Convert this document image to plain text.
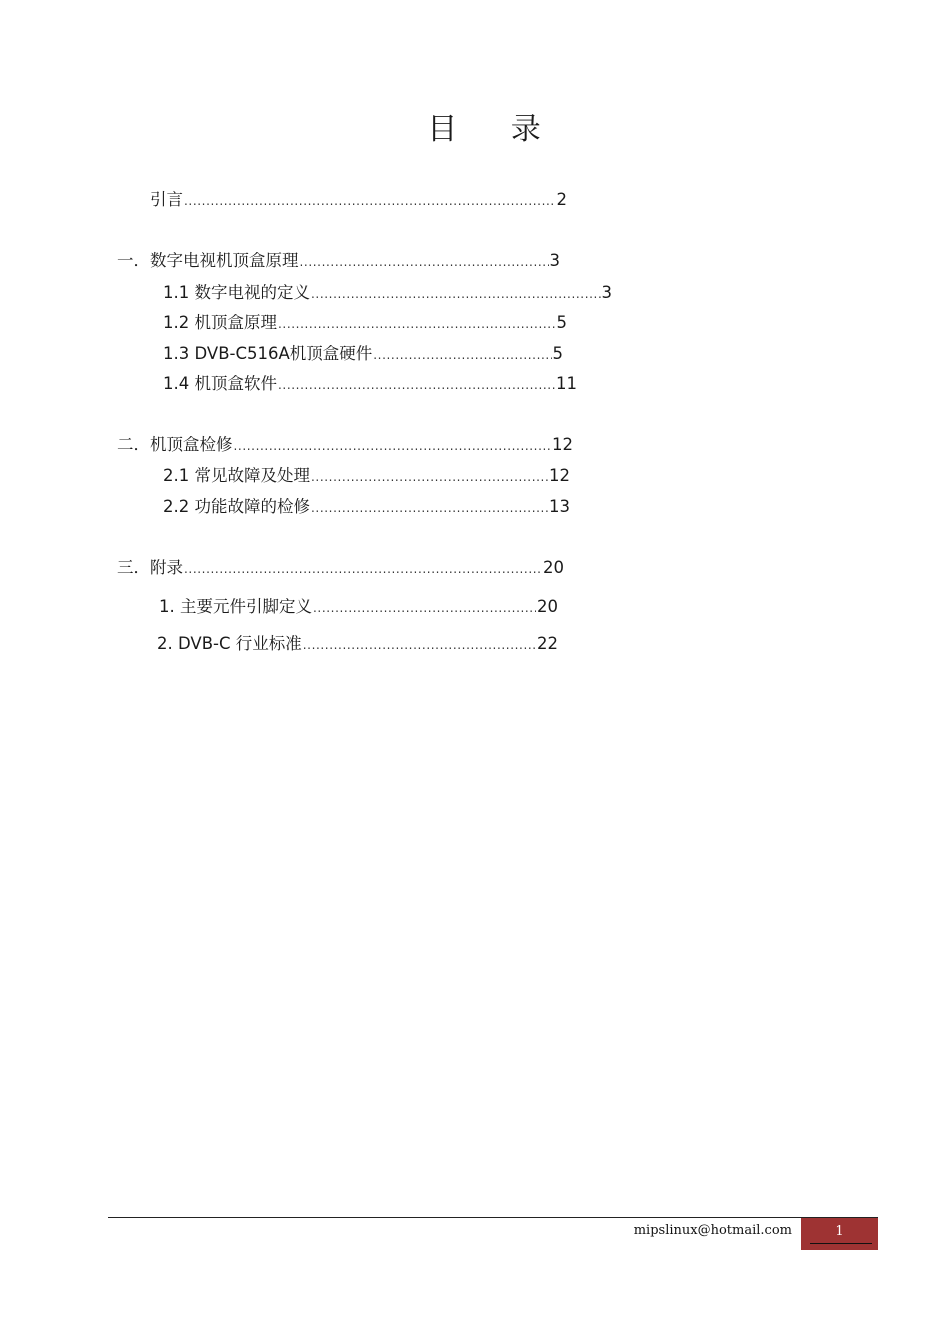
目 录
引言 .....	2
一．数字电视机顶盒原理 .....	3
1.1 数字电视的定义 .....	3
1.2 机顶盒原理 .....	5
1.3 DVB-C516A机顶盒硬件 .....	5
1.4 机顶盒软件 .....	11
二．机顶盒检修 .....	12
2.1 常见故障及处理 .....	12
2.2 功能故障的检修 .....	13
三．附录 .....	20
1. 主要元件引脚定义 .....	20
2. DVB-C 行业标准 .....	22
mipslinux@hotmail.com	1
